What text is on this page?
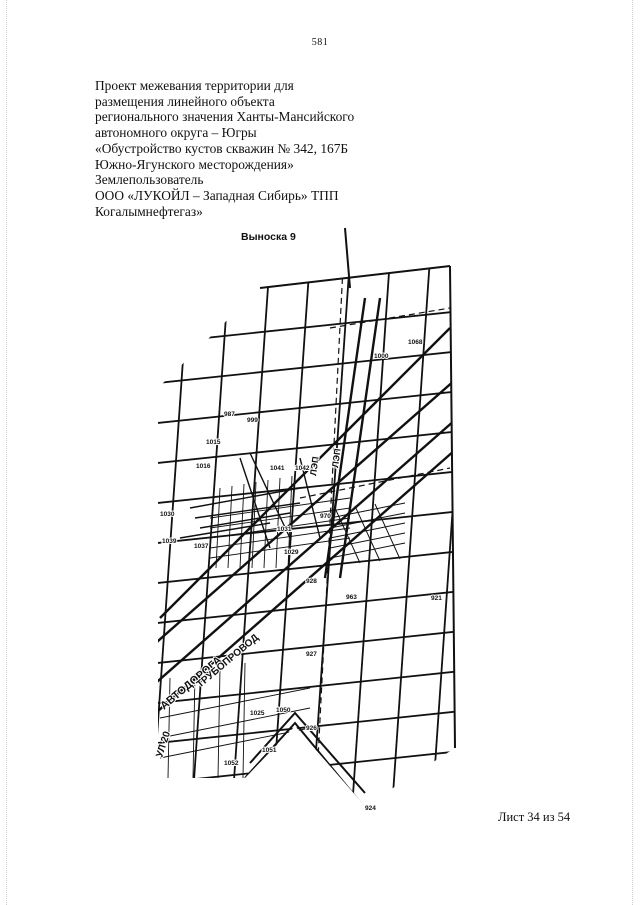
581

Проект межевания территории для
размещения линейного объекта
регионального значения Ханты-Мансийского
автономного округа – Югры
«Обустройство кустов скважин № 342, 167Б
Южно-Ягунского месторождения»
Землепользователь
ООО «ЛУКОЙЛ – Западная Сибирь» ТПП
Когалымнефтегаз»

Выноска 9
987
999
1015
1041 1042
1030
1039
928
927
963	921
1050
926
1051
1052
924
1016
1037
1031
1029
970
1000
1025
1068
АВТОДОРОГА
ТРУБОПРОВОД
ЛЭП ЛЭП
УЛ 20
Лист 34 из 54
